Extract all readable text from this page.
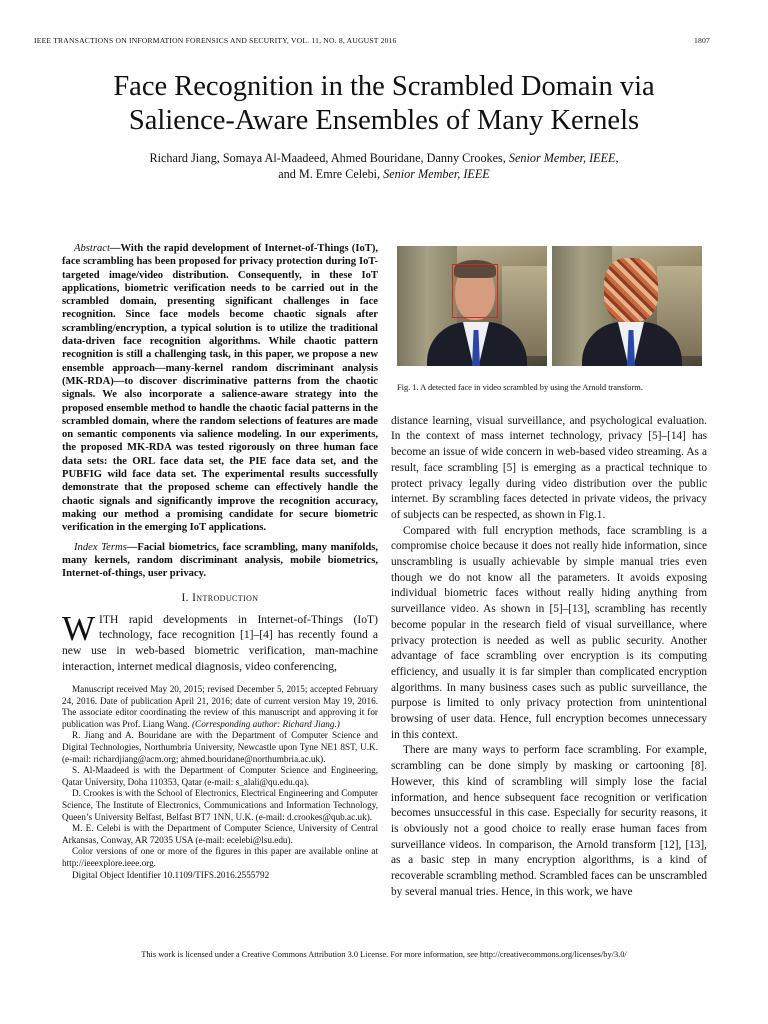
IEEE TRANSACTIONS ON INFORMATION FORENSICS AND SECURITY, VOL. 11, NO. 8, AUGUST 2016	1807
Face Recognition in the Scrambled Domain via
Salience-Aware Ensembles of Many Kernels
Richard Jiang, Somaya Al-Maadeed, Ahmed Bouridane, Danny Crookes, Senior Member, IEEE,
and M. Emre Celebi, Senior Member, IEEE

Abstract—With the rapid development of Internet-of-Things (IoT), face scrambling has been proposed for privacy protection during IoT-targeted image/video distribution. Consequently, in these IoT applications, biometric verification needs to be carried out in the scrambled domain, presenting significant challenges in face recognition. Since face models become chaotic signals after scrambling/encryption, a typical solution is to utilize the traditional data-driven face recognition algorithms. While chaotic pattern recognition is still a challenging task, in this paper, we propose a new ensemble approach—many-kernel random discriminant analysis (MK-RDA)—to discover discriminative patterns from the chaotic signals. We also incorporate a salience-aware strategy into the proposed ensemble method to handle the chaotic facial patterns in the scrambled domain, where the random selections of features are made on semantic components via salience modeling. In our experiments, the proposed MK-RDA was tested rigorously on three human face data sets: the ORL face data set, the PIE face data set, and the PUBFIG wild face data set. The experimental results successfully demonstrate that the proposed scheme can effectively handle the chaotic signals and significantly improve the recognition accuracy, making our method a promising candidate for secure biometric verification in the emerging IoT applications.

Index Terms—Facial biometrics, face scrambling, many manifolds, many kernels, random discriminant analysis, mobile biometrics, Internet-of-things, user privacy.

I. Introduction

WITH rapid developments in Internet-of-Things (IoT) technology, face recognition [1]–[4] has recently found a new use in web-based biometric verification, man-machine interaction, internet medical diagnosis, video conferencing,

Manuscript received May 20, 2015; revised December 5, 2015; accepted February 24, 2016. Date of publication April 21, 2016; date of current version May 19, 2016. The associate editor coordinating the review of this manuscript and approving it for publication was Prof. Liang Wang. (Corresponding author: Richard Jiang.)

R. Jiang and A. Bouridane are with the Department of Computer Science and Digital Technologies, Northumbria University, Newcastle upon Tyne NE1 8ST, U.K. (e-mail: richardjiang@acm.org; ahmed.bouridane@northumbria.ac.uk).

S. Al-Maadeed is with the Department of Computer Science and Engineering, Qatar University, Doha 110353, Qatar (e-mail: s_alali@qu.edu.qa).

D. Crookes is with the School of Electronics, Electrical Engineering and Computer Science, The Institute of Electronics, Communications and Information Technology, Queen’s University Belfast, Belfast BT7 1NN, U.K. (e-mail: d.crookes@qub.ac.uk).

M. E. Celebi is with the Department of Computer Science, University of Central Arkansas, Conway, AR 72035 USA (e-mail: ecelebi@lsu.edu).

Color versions of one or more of the figures in this paper are available online at http://ieeexplore.ieee.org.

Digital Object Identifier 10.1109/TIFS.2016.2555792

Fig. 1. A detected face in video scrambled by using the Arnold transform.

distance learning, visual surveillance, and psychological evaluation. In the context of mass internet technology, privacy [5]–[14] has become an issue of wide concern in web-based video streaming. As a result, face scrambling [5] is emerging as a practical technique to protect privacy legally during video distribution over the public internet. By scrambling faces detected in private videos, the privacy of subjects can be respected, as shown in Fig.1.

Compared with full encryption methods, face scrambling is a compromise choice because it does not really hide information, since unscrambling is usually achievable by simple manual tries even though we do not know all the parameters. It avoids exposing individual biometric faces without really hiding anything from surveillance video. As shown in [5]–[13], scrambling has recently become popular in the research field of visual surveillance, where privacy protection is needed as well as public security. Another advantage of face scrambling over encryption is its computing efficiency, and usually it is far simpler than complicated encryption algorithms. In many business cases such as public surveillance, the purpose is limited to only privacy protection from unintentional browsing of user data. Hence, full encryption becomes unnecessary in this context.

There are many ways to perform face scrambling. For example, scrambling can be done simply by masking or cartooning [8]. However, this kind of scrambling will simply lose the facial information, and hence subsequent face recognition or verification becomes unsuccessful in this case. Especially for security reasons, it is obviously not a good choice to really erase human faces from surveillance videos. In comparison, the Arnold transform [12], [13], as a basic step in many encryption algorithms, is a kind of recoverable scrambling method. Scrambled faces can be unscrambled by several manual tries. Hence, in this work, we have

This work is licensed under a Creative Commons Attribution 3.0 License. For more information, see http://creativecommons.org/licenses/by/3.0/
